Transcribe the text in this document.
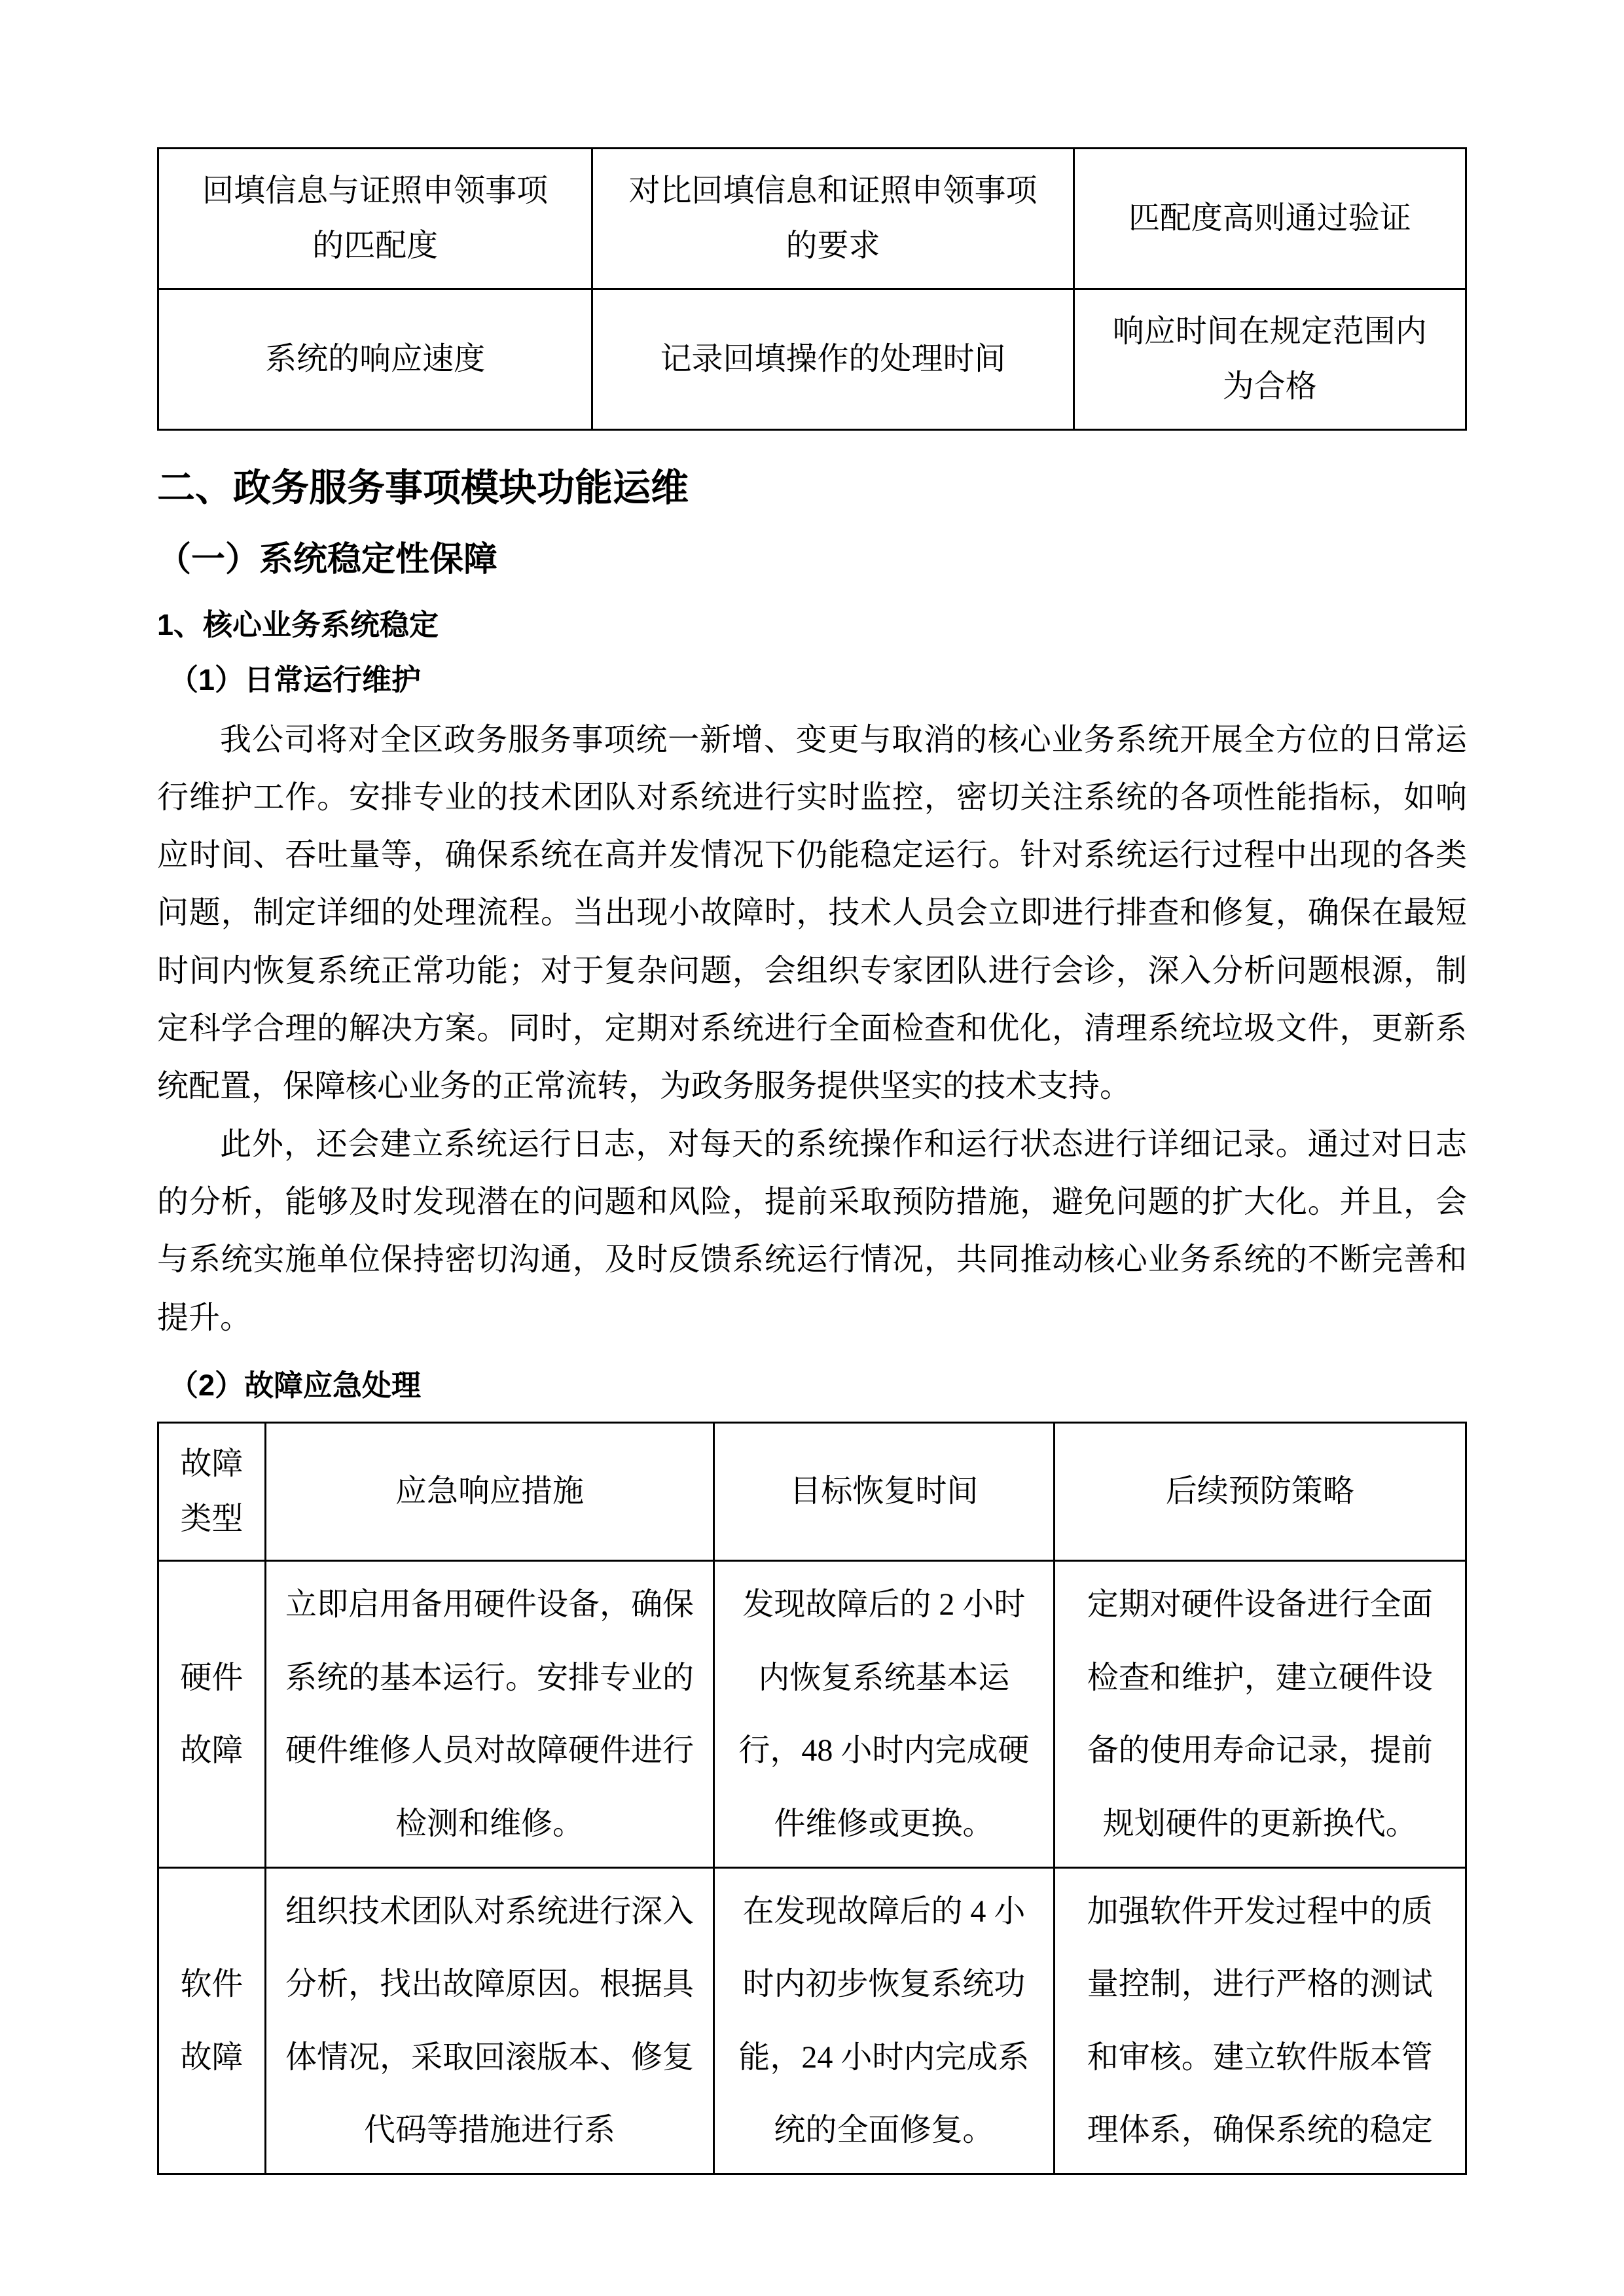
回填信息与证照申领事项的匹配度	对比回填信息和证照申领事项的要求	匹配度高则通过验证
系统的响应速度	记录回填操作的处理时间	响应时间在规定范围内为合格
二、政务服务事项模块功能运维
（一）系统稳定性保障
1、核心业务系统稳定
（1）日常运行维护

我公司将对全区政务服务事项统一新增、变更与取消的核心业务系统开展全方位的日常运行维护工作。安排专业的技术团队对系统进行实时监控，密切关注系统的各项性能指标，如响应时间、吞吐量等，确保系统在高并发情况下仍能稳定运行。针对系统运行过程中出现的各类问题，制定详细的处理流程。当出现小故障时，技术人员会立即进行排查和修复，确保在最短时间内恢复系统正常功能；对于复杂问题，会组织专家团队进行会诊，深入分析问题根源，制定科学合理的解决方案。同时，定期对系统进行全面检查和优化，清理系统垃圾文件，更新系统配置，保障核心业务的正常流转，为政务服务提供坚实的技术支持。

此外，还会建立系统运行日志，对每天的系统操作和运行状态进行详细记录。通过对日志的分析，能够及时发现潜在的问题和风险，提前采取预防措施，避免问题的扩大化。并且，会与系统实施单位保持密切沟通，及时反馈系统运行情况，共同推动核心业务系统的不断完善和提升。

（2）故障应急处理
故障类型	应急响应措施	目标恢复时间	后续预防策略
硬件故障	立即启用备用硬件设备，确保系统的基本运行。安排专业的硬件维修人员对故障硬件进行检测和维修。	发现故障后的 2 小时内恢复系统基本运行，48 小时内完成硬件维修或更换。	定期对硬件设备进行全面检查和维护，建立硬件设备的使用寿命记录，提前规划硬件的更新换代。
软件故障	组织技术团队对系统进行深入分析，找出故障原因。根据具体情况，采取回滚版本、修复代码等措施进行系	在发现故障后的 4 小时内初步恢复系统功能，24 小时内完成系统的全面修复。	加强软件开发过程中的质量控制，进行严格的测试和审核。建立软件版本管理体系，确保系统的稳定
